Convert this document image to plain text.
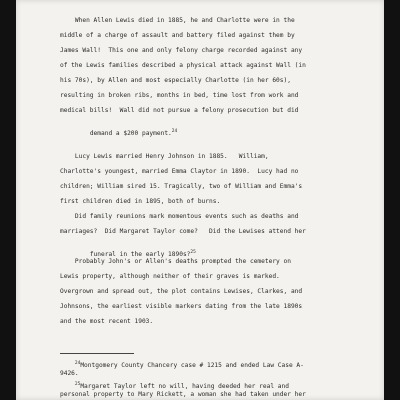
When Allen Lewis died in 1885, he and Charlotte were in the
middle of a charge of assault and battery filed against them by
James Wall!  This one and only felony charge recorded against any
of the Lewis families described a physical attack against Wall (in
his 70s), by Allen and most especially Charlotte (in her 60s),
resulting in broken ribs, months in bed, time lost from work and
medical bills!  Wall did not pursue a felony prosecution but did

demand a $200 payment.$^{24}$

Lucy Lewis married Henry Johnson in 1885.   William,
Charlotte's youngest, married Emma Claytor in 1890.  Lucy had no
children; William sired 15. Tragically, two of William and Emma's
first children died in 1895, both of burns.
Did family reunions mark momentous events such as deaths and
marriages?  Did Margaret Taylor come?   Did the Lewises attend her

funeral in the early 1890s?$^{25}$

Probably John's or Allen's deaths prompted the cemetery on
Lewis property, although neither of their graves is marked.
Overgrown and spread out, the plot contains Lewises, Clarkes, and
Johnsons, the earliest visible markers dating from the late 1890s
and the most recent 1903.
$^{24}$Montgomery County Chancery case # 1215 and ended Law Case A-
9426.
$^{25}$Margaret Taylor left no will, having deeded her real and
personal property to Mary Rickett, a woman she had taken under her
